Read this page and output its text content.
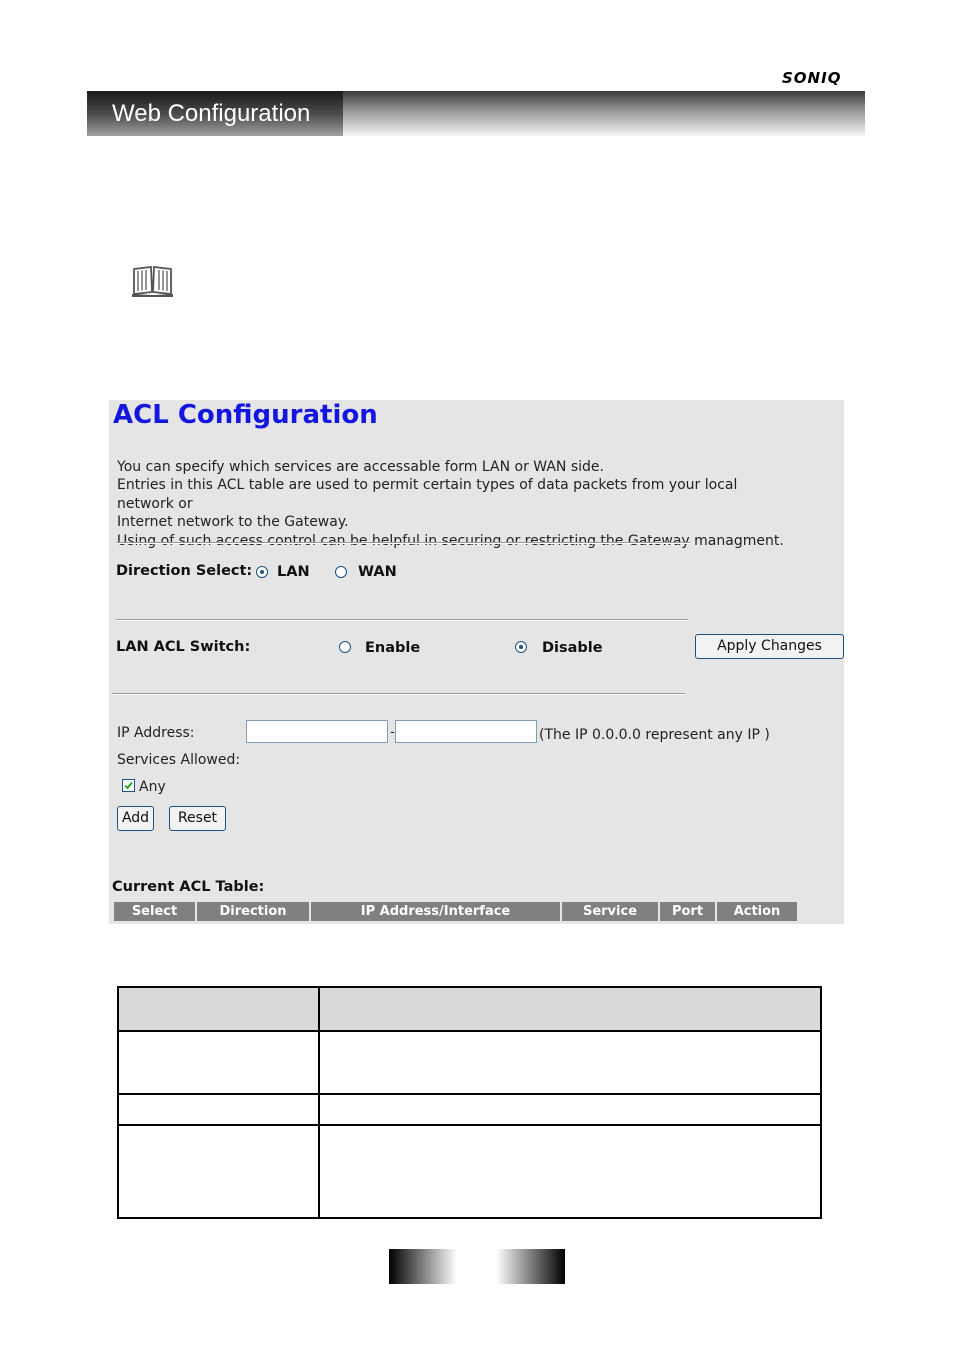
SONIQ
Web Configuration
ACL Configuration
You can specify which services are accessable form LAN or WAN side.
Entries in this ACL table are used to permit certain types of data packets from your local network or
Internet network to the Gateway.
Using of such access control can be helpful in securing or restricting the Gateway managment.
Direction Select: LAN	WAN
LAN ACL Switch:	Enable	Disable	Apply Changes
IP Address:	-	(The IP 0.0.0.0 represent any IP )
Services Allowed:
Any
Add	Reset
Current ACL Table:
Select	Direction	IP Address/Interface	Service	Port	Action
